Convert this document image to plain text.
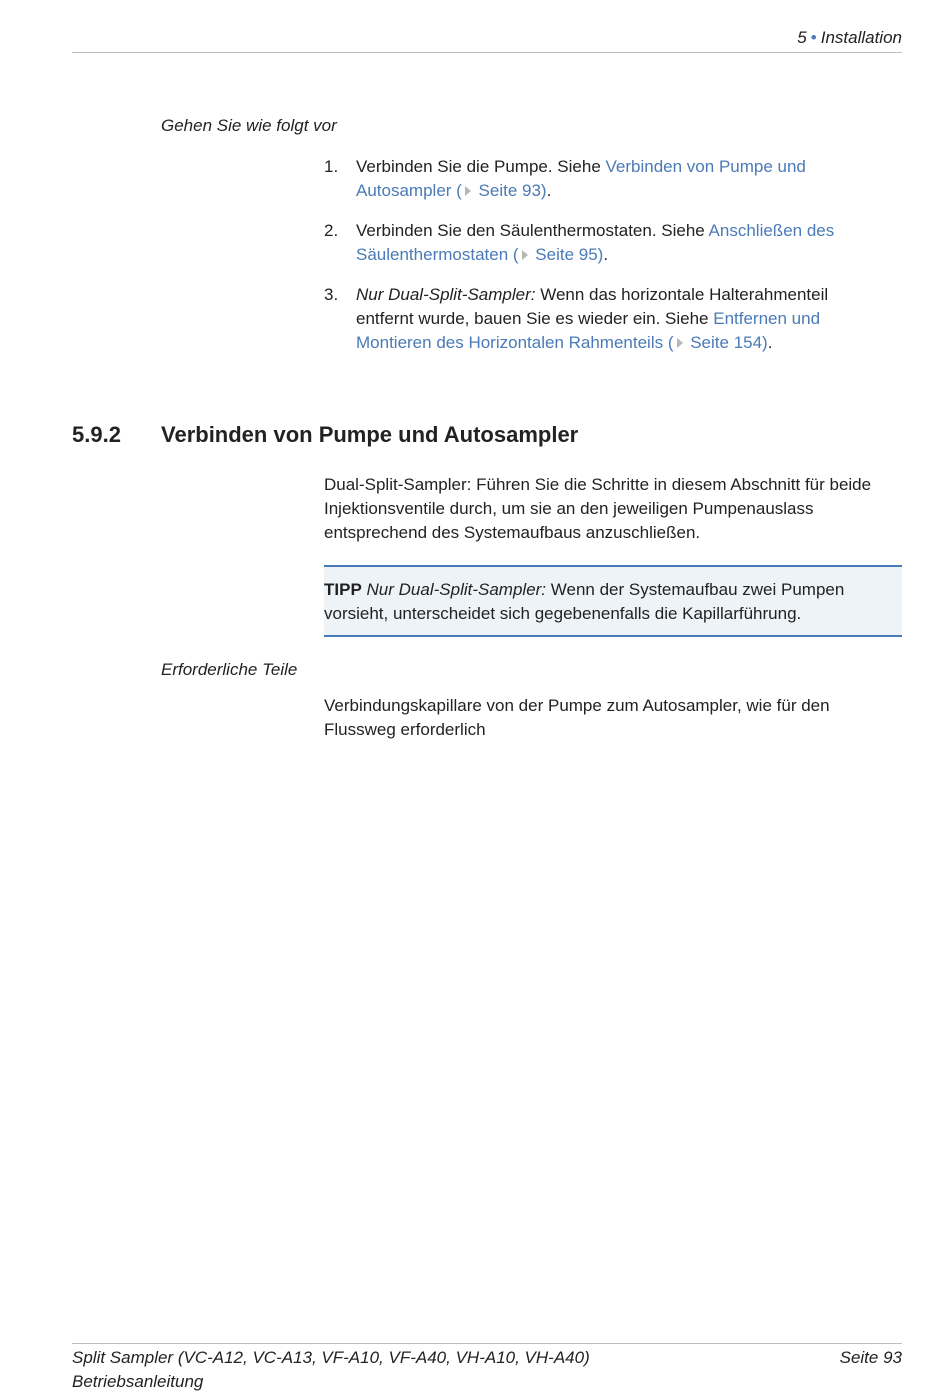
5 • Installation
Gehen Sie wie folgt vor
1. Verbinden Sie die Pumpe. Siehe Verbinden von Pumpe und Autosampler ( Seite 93).
2. Verbinden Sie den Säulenthermostaten. Siehe Anschließen des Säulenthermostaten ( Seite 95).
3. Nur Dual-Split-Sampler: Wenn das horizontale Halterahmenteil entfernt wurde, bauen Sie es wieder ein. Siehe Entfernen und Montieren des Horizontalen Rahmenteils ( Seite 154).
5.9.2 Verbinden von Pumpe und Autosampler

Dual-Split-Sampler: Führen Sie die Schritte in diesem Abschnitt für beide Injektionsventile durch, um sie an den jeweiligen Pumpenauslass entsprechend des Systemaufbaus anzuschließen.

TIPP Nur Dual-Split-Sampler: Wenn der Systemaufbau zwei Pumpen vorsieht, unterscheidet sich gegebenenfalls die Kapillarführung.
Erforderliche Teile

Verbindungskapillare von der Pumpe zum Autosampler, wie für den Flussweg erforderlich

Split Sampler (VC-A12, VC-A13, VF-A10, VF-A40, VH-A10, VH-A40)
Betriebsanleitung
Seite 93
